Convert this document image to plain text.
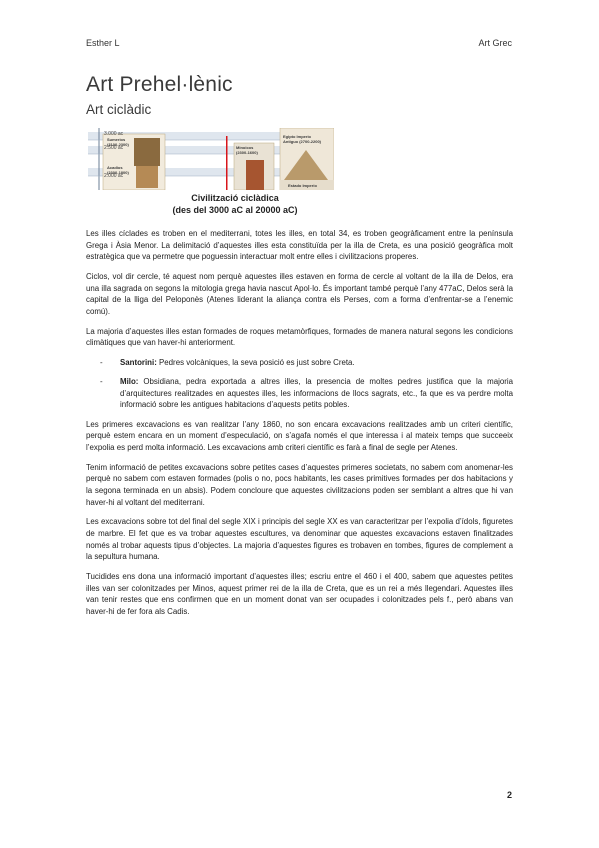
Esther L	Art Grec
Art Prehel·lènic
Art ciclàdic
3.000 ac
2.500 ac
2.000 ac
Sumerios
(3100-2300)
Acadios
(2300-1800)
Minoicos
(2300-1600)
Egipto Imperio
Antiguo (2700-2200)
Estado Imperio
Civilització ciclàdica
(des del 3000 aC al 20000 aC)

Les illes cíclades es troben en el mediterrani, totes les illes, en total 34, es troben geogràficament entre la península Grega i Àsia Menor. La delimitació d’aquestes illes esta constituïda per la illa de Creta, es una posició geogràfica molt estratègica que va permetre que poguessin interactuar molt entre elles i civilitzacions properes.

Ciclos, vol dir cercle, té aquest nom perquè aquestes illes estaven en forma de cercle al voltant de la illa de Delos, era una illa sagrada on segons la mitologia grega havia nascut Apol·lo. És important també perquè l’any 477aC, Delos serà la capital de la lliga del Peloponès (Atenes liderant la aliança contra els Perses, com a forma d’enfrentar-se a l’enemic comú).

La majoria d’aquestes illes estan formades de roques metamòrfiques, formades de manera natural segons les condicions climàtiques que van haver-hi anteriorment.

- Santorini: Pedres volcàniques, la seva posició es just sobre Creta.
- Milo: Obsidiana, pedra exportada a altres illes, la presencia de moltes pedres justifica que la majoria d’arquitectures realitzades en aquestes illes, les informacions de llocs sagrats, etc., fa que es va perdre molta informació sobre les antigues habitacions d’aquests petits pobles.

Les primeres excavacions es van realitzar l’any 1860, no son encara excavacions realitzades amb un criteri científic, perquè estem encara en un moment d’especulació, on s’agafa només el que interessa i al mateix temps que succeeix l’expolia es perd molta informació. Les excavacions amb criteri científic es farà a final de segle per Atenes.

Tenim informació de petites excavacions sobre petites cases d’aquestes primeres societats, no sabem com anomenar-les perquè no sabem com estaven formades (polis o no, pocs habitants, les cases primitives formades per dos habitacions y la segona terminada en un absis). Podem concloure que aquestes civilitzacions poden ser semblant a altres que hi van haver-hi al voltant del mediterrani.

Les excavacions sobre tot del final del segle XIX i principis del segle XX es van caracteritzar per l’expolia d’ídols, figuretes de marbre. El fet que es va trobar aquestes escultures, va denominar que aquestes excavacions estaven finalitzades només al trobar aquests tipus d’objectes. La majoria d’aquestes figures es trobaven en tombes, figures de complement a la sepultura humana.

Tucidides ens dona una informació important d’aquestes illes; escriu entre el 460 i el 400, sabem que aquestes petites illes van ser colonitzades per Minos, aquest primer rei de la illa de Creta, que es un rei a més llegendari. Aquestes illes van tenir restes que ens confirmen que en un moment donat van ser ocupades i colonitzades pels f., però abans van haver-hi de fer fora als Cadis.

2
